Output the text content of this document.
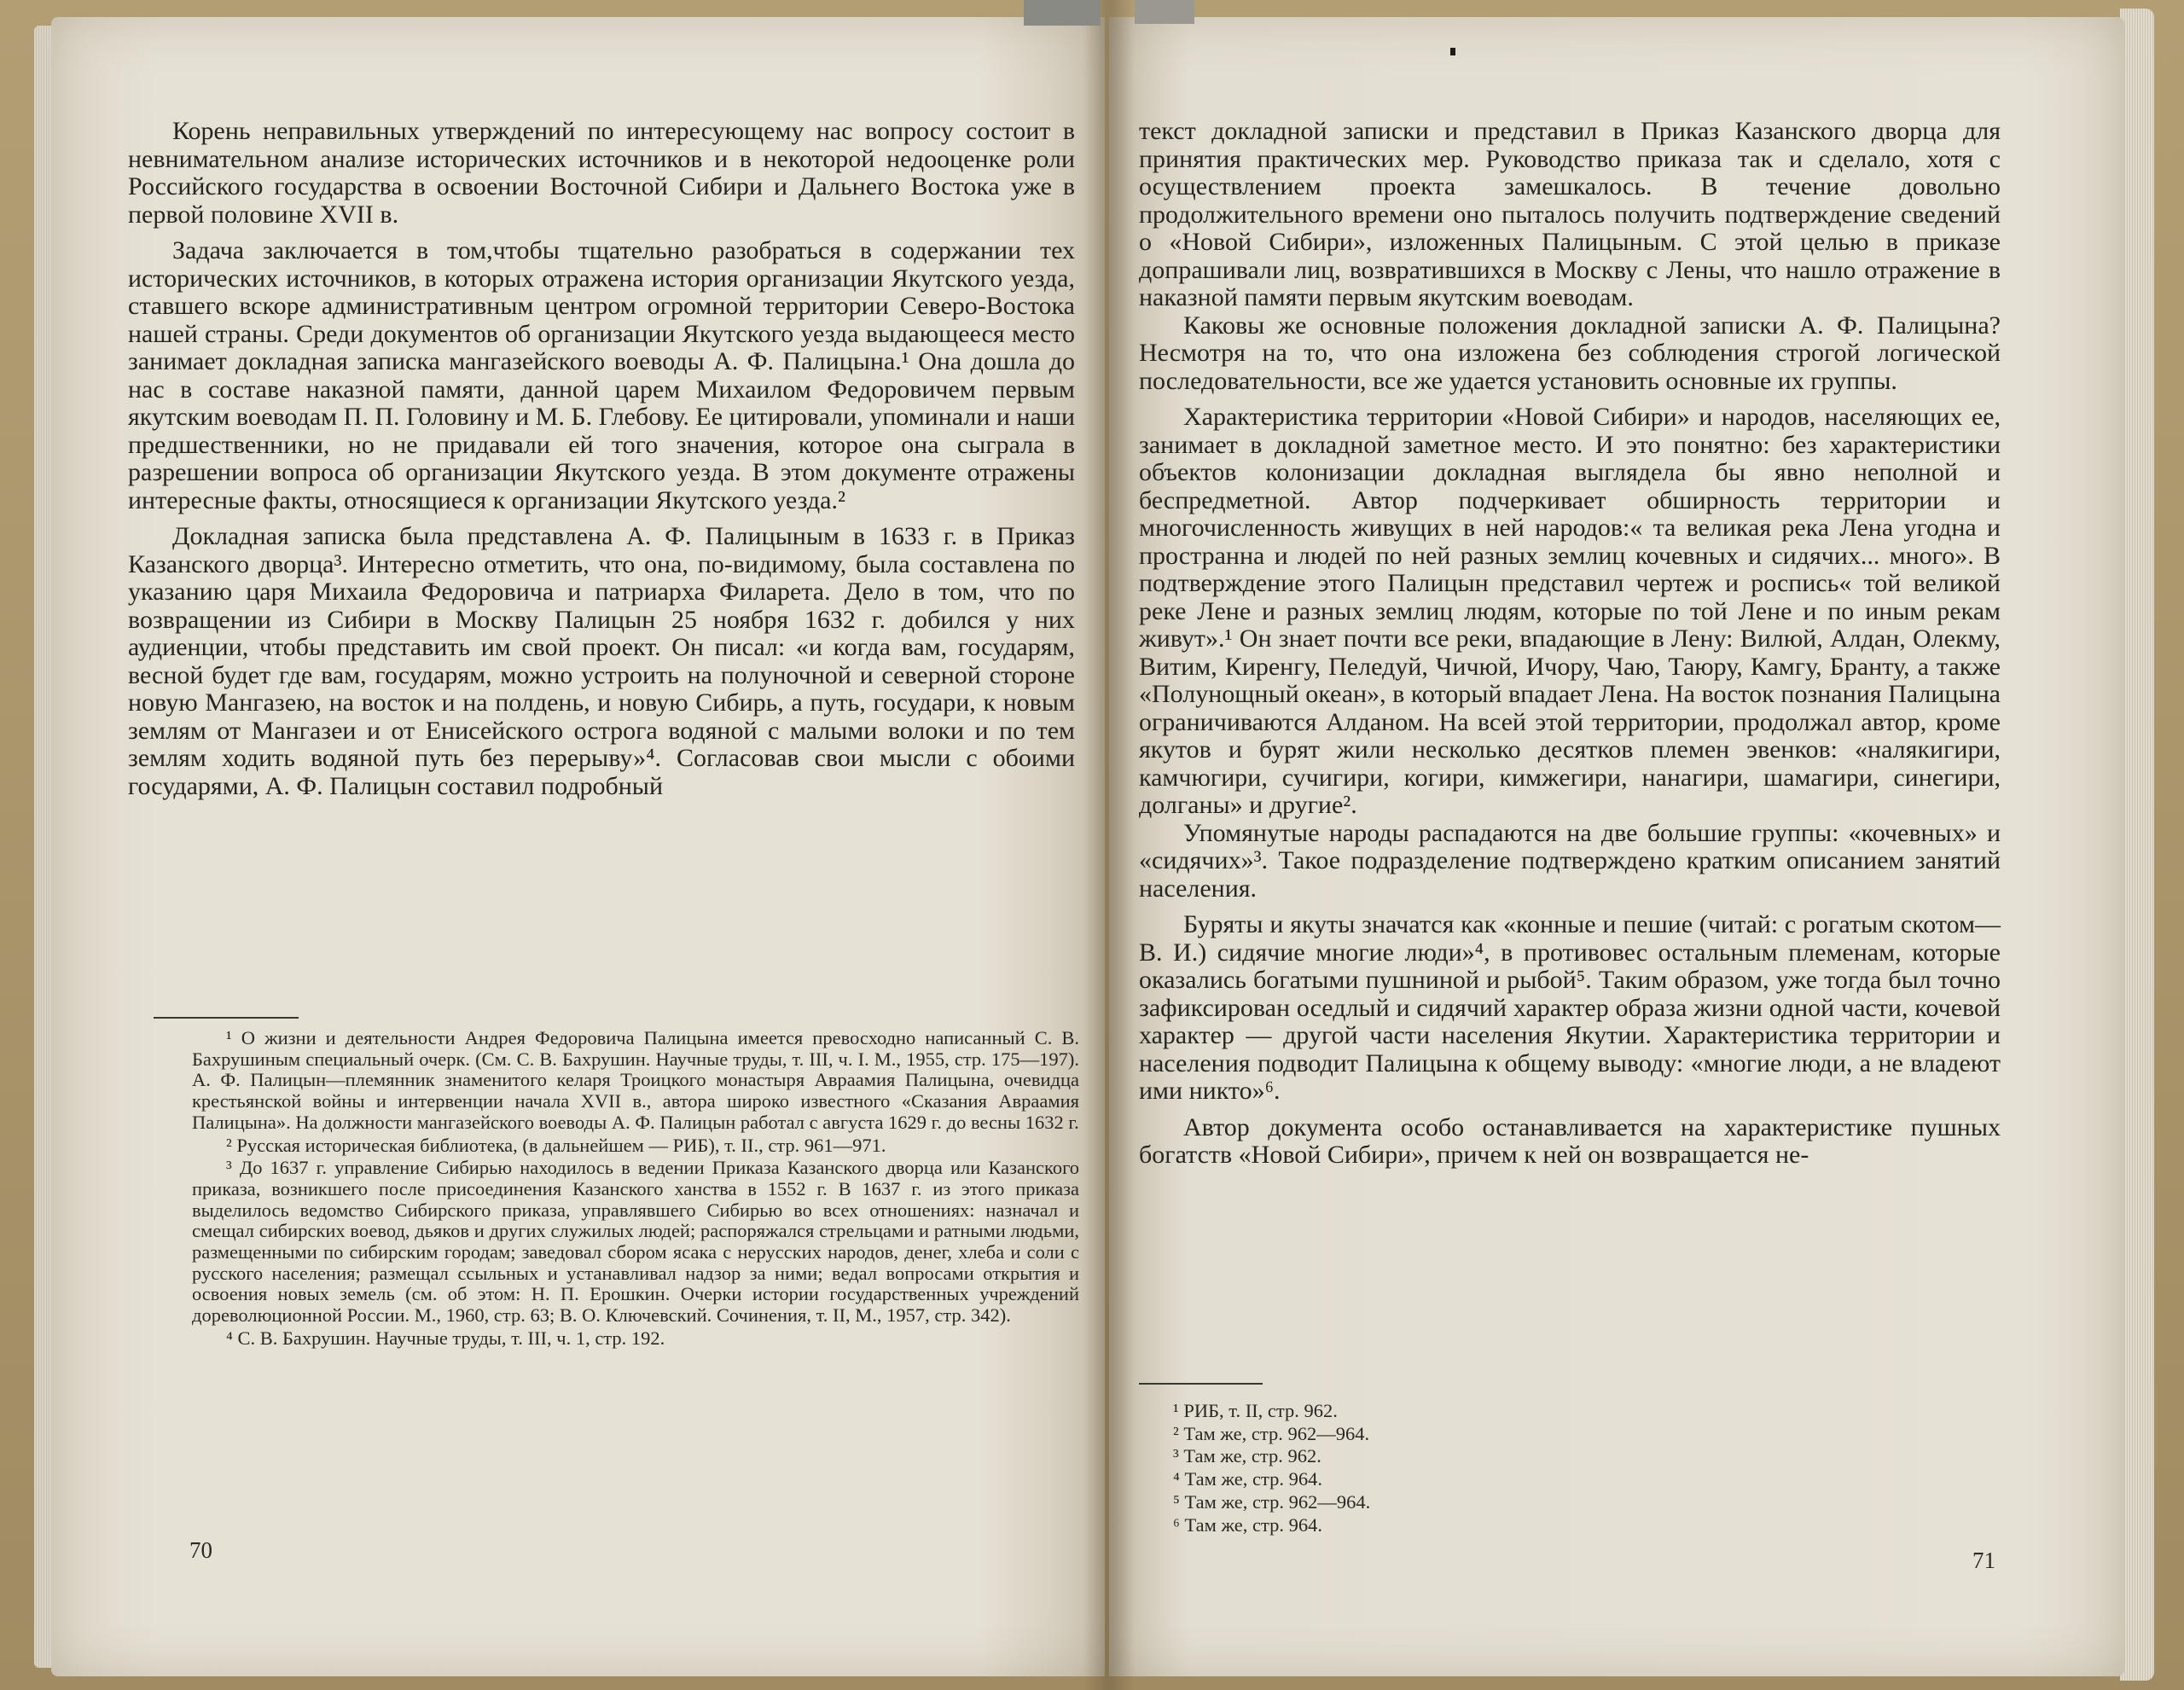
Корень неправильных утверждений по интересующему нас вопросу состоит в невнимательном анализе исторических источников и в некоторой недооценке роли Российского государства в освоении Восточной Сибири и Дальнего Востока уже в первой половине XVII в.

Задача заключается в том,чтобы тщательно разобраться в содержании тех исторических источников, в которых отражена история организации Якутского уезда, ставшего вскоре административным центром огромной территории Северо-Востока нашей страны. Среди документов об организации Якутского уезда выдающееся место занимает докладная записка мангазейского воеводы А. Ф. Палицына.¹ Она дошла до нас в составе наказной памяти, данной царем Михаилом Федоровичем первым якутским воеводам П. П. Головину и М. Б. Глебову. Ее цитировали, упоминали и наши предшественники, но не придавали ей того значения, которое она сыграла в разрешении вопроса об организации Якутского уезда. В этом документе отражены интересные факты, относящиеся к организации Якутского уезда.²

Докладная записка была представлена А. Ф. Палицыным в 1633 г. в Приказ Казанского дворца³. Интересно отметить, что она, по-видимому, была составлена по указанию царя Михаила Федоровича и патриарха Филарета. Дело в том, что по возвращении из Сибири в Москву Палицын 25 ноября 1632 г. добился у них аудиенции, чтобы представить им свой проект. Он писал: «и когда вам, государям, весной будет где вам, государям, можно устроить на полуночной и северной стороне новую Мангазею, на восток и на полдень, и новую Сибирь, а путь, государи, к новым землям от Мангазеи и от Енисейского острога водяной с малыми волоки и по тем землям ходить водяной путь без перерыву»⁴. Согласовав свои мысли с обоими государями, А. Ф. Палицын составил подробный

¹ О жизни и деятельности Андрея Федоровича Палицына имеется превосходно написанный С. В. Бахрушиным специальный очерк. (См. С. В. Бахрушин. Научные труды, т. III, ч. I. М., 1955, стр. 175—197). А. Ф. Палицын—племянник знаменитого келаря Троицкого монастыря Авраамия Палицына, очевидца крестьянской войны и интервенции начала XVII в., автора широко известного «Сказания Авраамия Палицына». На должности мангазейского воеводы А. Ф. Палицын работал с августа 1629 г. до весны 1632 г.

² Русская историческая библиотека, (в дальнейшем — РИБ), т. II., стр. 961—971.

³ До 1637 г. управление Сибирью находилось в ведении Приказа Казанского дворца или Казанского приказа, возникшего после присоединения Казанского ханства в 1552 г. В 1637 г. из этого приказа выделилось ведомство Сибирского приказа, управлявшего Сибирью во всех отношениях: назначал и смещал сибирских воевод, дьяков и других служилых людей; распоряжался стрельцами и ратными людьми, размещенными по сибирским городам; заведовал сбором ясака с нерусских народов, денег, хлеба и соли с русского населения; размещал ссыльных и устанавливал надзор за ними; ведал вопросами открытия и освоения новых земель (см. об этом: Н. П. Ерошкин. Очерки истории государственных учреждений дореволюционной России. М., 1960, стр. 63; В. О. Ключевский. Сочинения, т. II, М., 1957, стр. 342).

⁴ С. В. Бахрушин. Научные труды, т. III, ч. 1, стр. 192.

70

текст докладной записки и представил в Приказ Казанского дворца для принятия практических мер. Руководство приказа так и сделало, хотя с осуществлением проекта замешкалось. В течение довольно продолжительного времени оно пыталось получить подтверждение сведений о «Новой Сибири», изложенных Палицыным. С этой целью в приказе допрашивали лиц, возвратившихся в Москву с Лены, что нашло отражение в наказной памяти первым якутским воеводам.

Каковы же основные положения докладной записки А. Ф. Палицына? Несмотря на то, что она изложена без соблюдения строгой логической последовательности, все же удается установить основные их группы.

Характеристика территории «Новой Сибири» и народов, населяющих ее, занимает в докладной заметное место. И это понятно: без характеристики объектов колонизации докладная выглядела бы явно неполной и беспредметной. Автор подчеркивает обширность территории и многочисленность живущих в ней народов:« та великая река Лена угодна и пространна и людей по ней разных землиц кочевных и сидячих... много». В подтверждение этого Палицын представил чертеж и роспись« той великой реке Лене и разных землиц людям, которые по той Лене и по иным рекам живут».¹ Он знает почти все реки, впадающие в Лену: Вилюй, Алдан, Олекму, Витим, Киренгу, Пеледуй, Чичюй, Ичору, Чаю, Таюру, Камгу, Бранту, а также «Полунощный океан», в который впадает Лена. На восток познания Палицына ограничиваются Алданом. На всей этой территории, продолжал автор, кроме якутов и бурят жили несколько десятков племен эвенков: «налякигири, камчюгири, сучигири, когири, кимжегири, нанагири, шамагири, синегири, долганы» и другие².

Упомянутые народы распадаются на две большие группы: «кочевных» и «сидячих»³. Такое подразделение подтверждено кратким описанием занятий населения.

Буряты и якуты значатся как «конные и пешие (читай: с рогатым скотом—В. И.) сидячие многие люди»⁴, в противовес остальным племенам, которые оказались богатыми пушниной и рыбой⁵. Таким образом, уже тогда был точно зафиксирован оседлый и сидячий характер образа жизни одной части, кочевой характер — другой части населения Якутии. Характеристика территории и населения подводит Палицына к общему выводу: «многие люди, а не владеют ими никто»⁶.

Автор документа особо останавливается на характеристике пушных богатств «Новой Сибири», причем к ней он возвращается не-

¹ РИБ, т. II, стр. 962.

² Там же, стр. 962—964.

³ Там же, стр. 962.

⁴ Там же, стр. 964.

⁵ Там же, стр. 962—964.

⁶ Там же, стр. 964.

71
